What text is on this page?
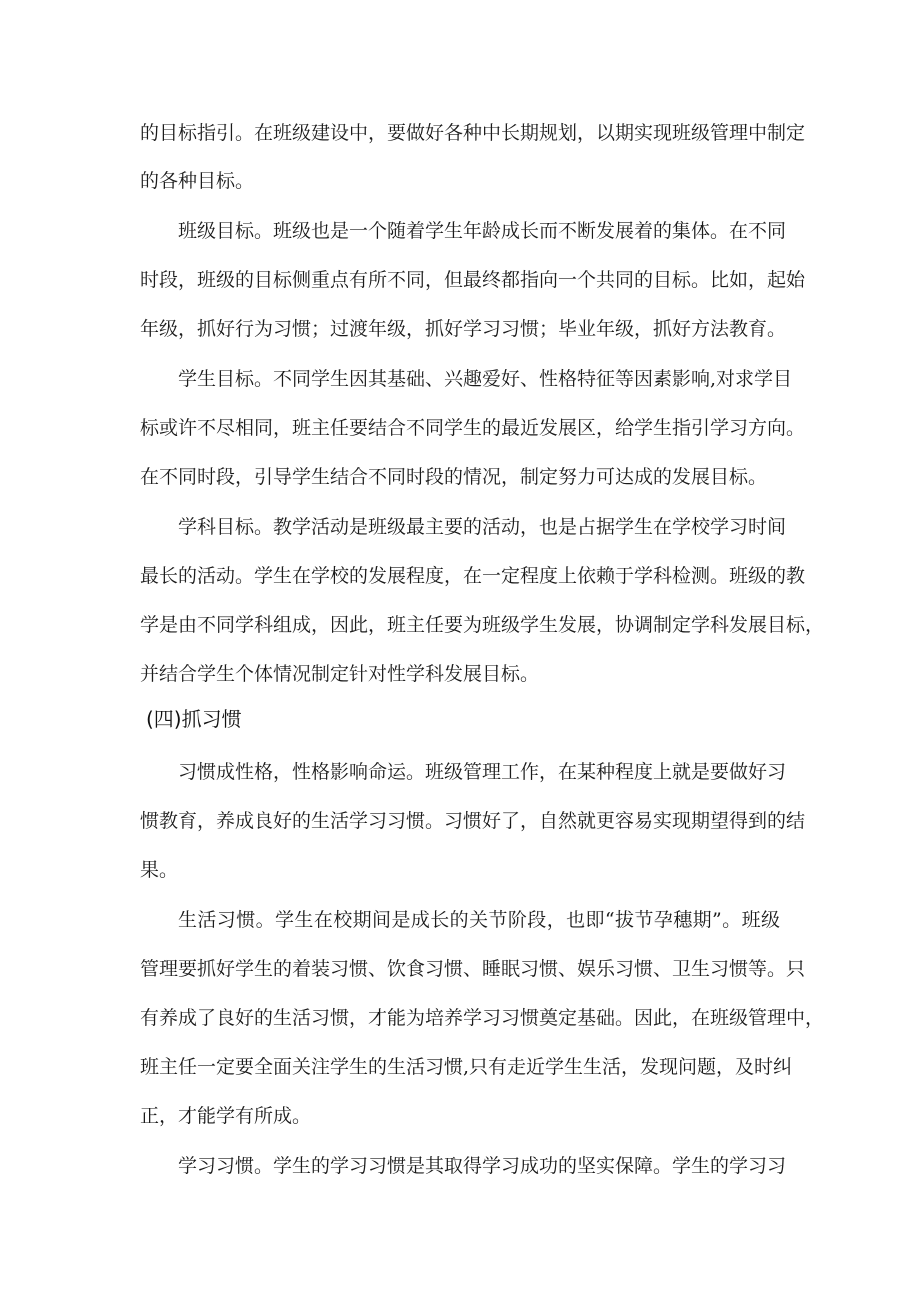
的目标指引。在班级建设中，要做好各种中长期规划，以期实现班级管理中制定
的各种目标。
班级目标。班级也是一个随着学生年龄成长而不断发展着的集体。在不同
时段，班级的目标侧重点有所不同，但最终都指向一个共同的目标。比如，起始
年级，抓好行为习惯；过渡年级，抓好学习习惯；毕业年级，抓好方法教育。
学生目标。不同学生因其基础、兴趣爱好、性格特征等因素影响,对求学目
标或许不尽相同，班主任要结合不同学生的最近发展区，给学生指引学习方向。
在不同时段，引导学生结合不同时段的情况，制定努力可达成的发展目标。
学科目标。教学活动是班级最主要的活动，也是占据学生在学校学习时间
最长的活动。学生在学校的发展程度，在一定程度上依赖于学科检测。班级的教
学是由不同学科组成，因此，班主任要为班级学生发展，协调制定学科发展目标，
并结合学生个体情况制定针对性学科发展目标。
(四)抓习惯
习惯成性格，性格影响命运。班级管理工作，在某种程度上就是要做好习
惯教育，养成良好的生活学习习惯。习惯好了，自然就更容易实现期望得到的结
果。
生活习惯。学生在校期间是成长的关节阶段，也即“拔节孕穗期”。班级
管理要抓好学生的着装习惯、饮食习惯、睡眠习惯、娱乐习惯、卫生习惯等。只
有养成了良好的生活习惯，才能为培养学习习惯奠定基础。因此，在班级管理中，
班主任一定要全面关注学生的生活习惯,只有走近学生生活，发现问题，及时纠
正，才能学有所成。
学习习惯。学生的学习习惯是其取得学习成功的坚实保障。学生的学习习
